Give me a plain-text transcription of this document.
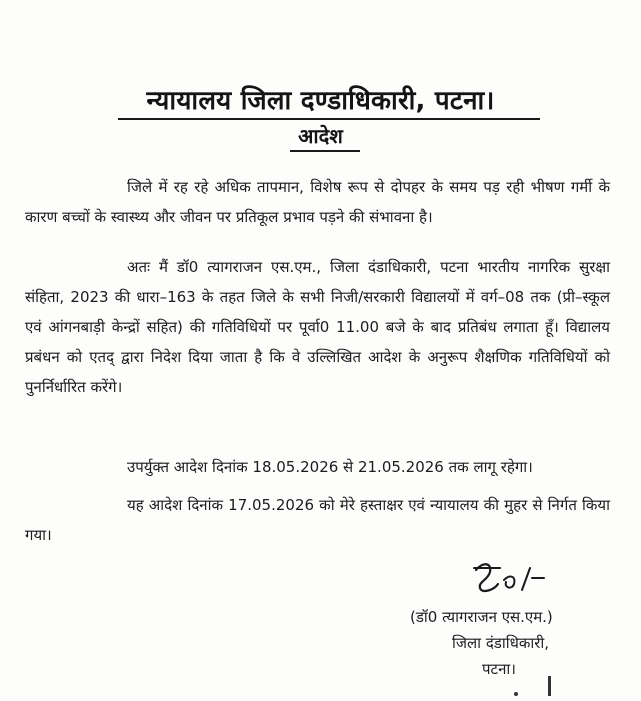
न्यायालय जिला दण्डाधिकारी, पटना।
आदेश

जिले में रह रहे अधिक तापमान, विशेष रूप से दोपहर के समय पड़ रही भीषण गर्मी के कारण बच्चों के स्वास्थ्य और जीवन पर प्रतिकूल प्रभाव पड़ने की संभावना है।

अतः मैं डॉ0 त्यागराजन एस.एम., जिला दंडाधिकारी, पटना भारतीय नागरिक सुरक्षा संहिता, 2023 की धारा–163 के तहत जिले के सभी निजी/सरकारी विद्यालयों में वर्ग–08 तक (प्री–स्कूल एवं आंगनबाड़ी केन्द्रों सहित) की गतिविधियों पर पूर्वा0 11.00 बजे के बाद प्रतिबंध लगाता हूँ। विद्यालय प्रबंधन को एतद् द्वारा निदेश दिया जाता है कि वे उल्लिखित आदेश के अनुरूप शैक्षणिक गतिविधियों को पुनर्निर्धारित करेंगे।

उपर्युक्त आदेश दिनांक 18.05.2026 से 21.05.2026 तक लागू रहेगा।

यह आदेश दिनांक 17.05.2026 को मेरे हस्ताक्षर एवं न्यायालय की मुहर से निर्गत किया गया।

(डॉ0 त्यागराजन एस.एम.)
जिला दंडाधिकारी,
पटना।
